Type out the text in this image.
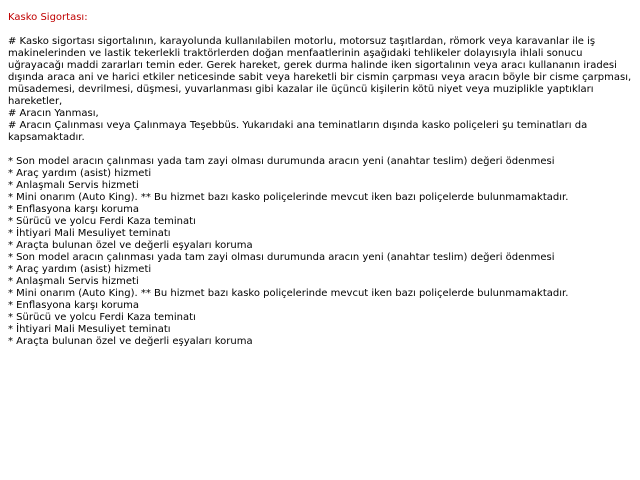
Kasko Sigortası:

# Kasko sigortası sigortalının, karayolunda kullanılabilen motorlu, motorsuz taşıtlardan, römork veya karavanlar ile iş makinelerinden ve lastik tekerlekli traktörlerden doğan menfaatlerinin aşağıdaki tehlikeler dolayısıyla ihlali sonucu uğrayacağı maddi zararları temin eder. Gerek hareket, gerek durma halinde iken sigortalının veya aracı kullananın iradesi dışında araca ani ve harici etkiler neticesinde sabit veya hareketli bir cismin çarpması veya aracın böyle bir cisme çarpması, müsademesi, devrilmesi, düşmesi, yuvarlanması gibi kazalar ile üçüncü kişilerin kötü niyet veya muziplikle yaptıkları hareketler,

# Aracın Yanması,

# Aracın Çalınması veya Çalınmaya Teşebbüs. Yukarıdaki ana teminatların dışında kasko poliçeleri şu teminatları da kapsamaktadır.

* Son model aracın çalınması yada tam zayi olması durumunda aracın yeni (anahtar teslim) değeri ödenmesi
* Araç yardım (asist) hizmeti
* Anlaşmalı Servis hizmeti
* Mini onarım (Auto King). ** Bu hizmet bazı kasko poliçelerinde mevcut iken bazı poliçelerde bulunmamaktadır.
* Enflasyona karşı koruma
* Sürücü ve yolcu Ferdi Kaza teminatı
* İhtiyari Mali Mesuliyet teminatı
* Araçta bulunan özel ve değerli eşyaları koruma
* Son model aracın çalınması yada tam zayi olması durumunda aracın yeni (anahtar teslim) değeri ödenmesi
* Araç yardım (asist) hizmeti
* Anlaşmalı Servis hizmeti
* Mini onarım (Auto King). ** Bu hizmet bazı kasko poliçelerinde mevcut iken bazı poliçelerde bulunmamaktadır.
* Enflasyona karşı koruma
* Sürücü ve yolcu Ferdi Kaza teminatı
* İhtiyari Mali Mesuliyet teminatı
* Araçta bulunan özel ve değerli eşyaları koruma
